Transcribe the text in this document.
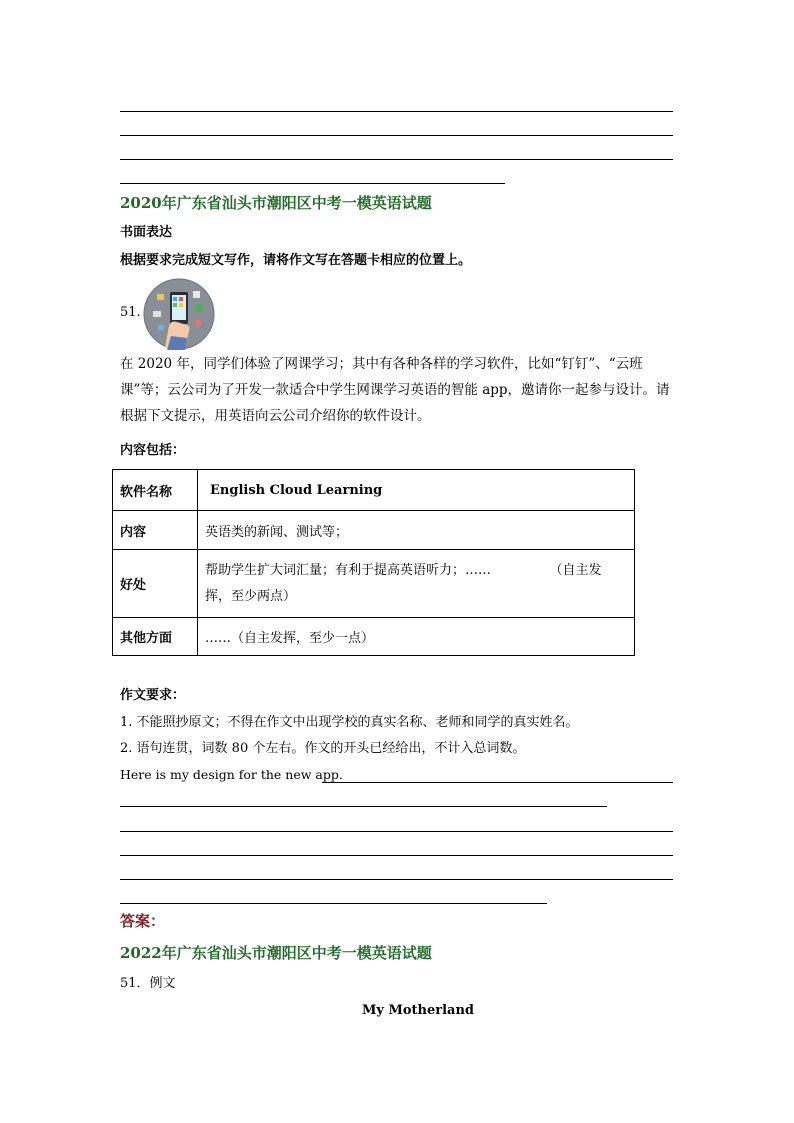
2020年广东省汕头市潮阳区中考一模英语试题
书面表达
根据要求完成短文写作，请将作文写在答题卡相应的位置上。
51.
在 2020 年，同学们体验了网课学习；其中有各种各样的学习软件，比如“钉钉”、“云班课”等；云公司为了开发一款适合中学生网课学习英语的智能 app，邀请你一起参与设计。请根据下文提示，用英语向云公司介绍你的软件设计。
内容包括：
软件名称	English Cloud Learning
内容	英语类的新闻、测试等；
好处	帮助学生扩大词汇量；有利于提高英语听力；……　　　　　（自主发挥，至少两点）
其他方面	……（自主发挥，至少一点）
作文要求：
1. 不能照抄原文；不得在作文中出现学校的真实名称、老师和同学的真实姓名。
2. 语句连贯，词数 80 个左右。作文的开头已经给出，不计入总词数。
Here is my design for the new app.
答案：
2022年广东省汕头市潮阳区中考一模英语试题
51．例文
My Motherland
